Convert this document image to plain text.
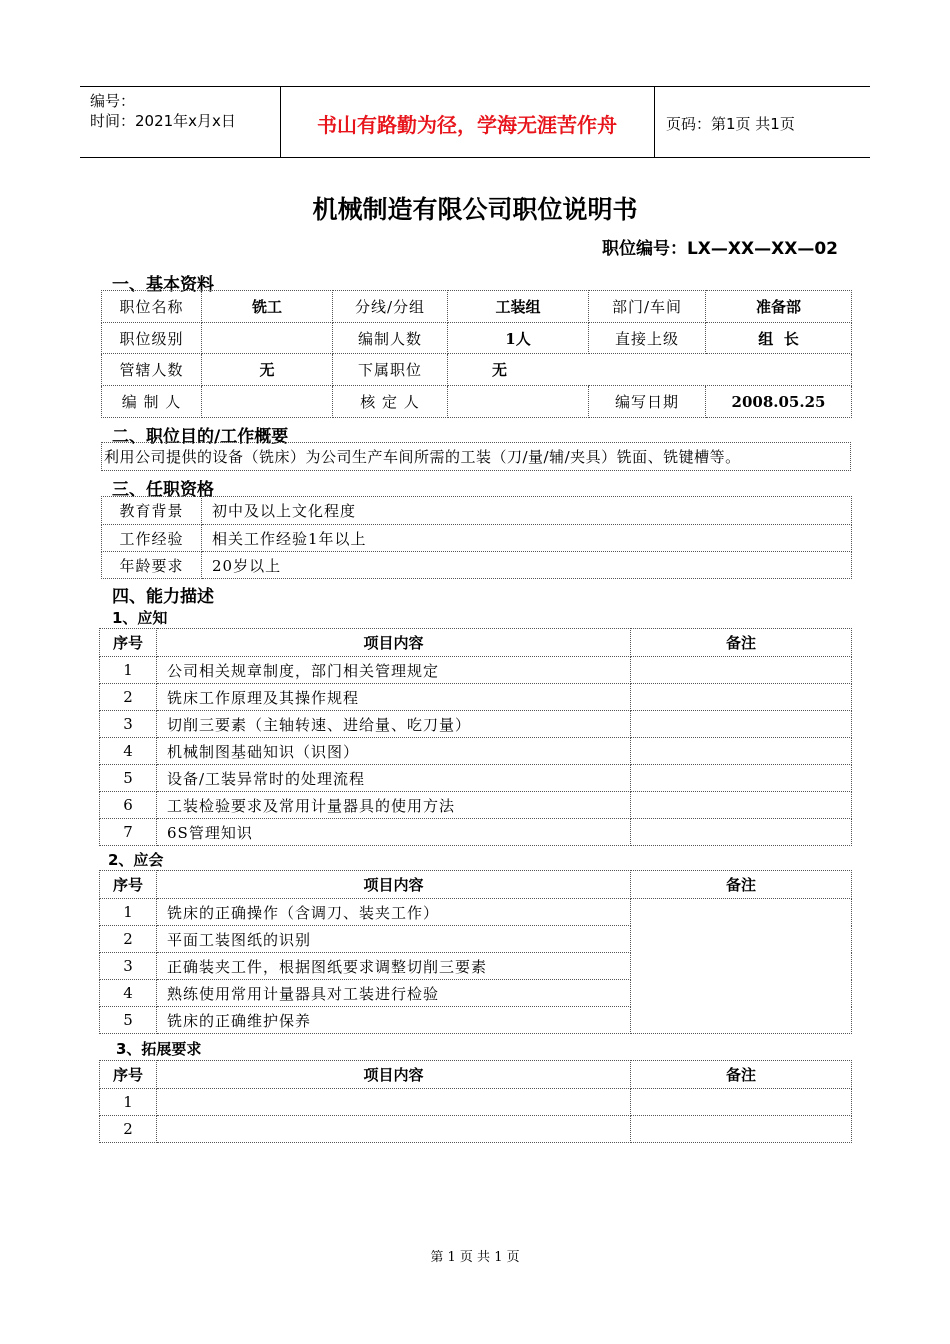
编号：
时间：2021年x月x日	书山有路勤为径，学海无涯苦作舟	页码：第1页 共1页
机械制造有限公司职位说明书
职位编号：LX—XX—XX—02
一、基本资料
职位名称	铣工	分线/分组	工装组	部门/车间	准备部
职位级别		编制人数	1人	直接上级	组  长
管辖人数	无	下属职位	无		
编 制 人		核 定 人		编写日期	2008.05.25
二、职位目的/工作概要
利用公司提供的设备（铣床）为公司生产车间所需的工装（刀/量/辅/夹具）铣面、铣键槽等。
三、任职资格
教育背景	初中及以上文化程度
工作经验	相关工作经验1年以上
年龄要求	20岁以上
四、能力描述
1、应知
序号	项目内容	备注
1	公司相关规章制度，部门相关管理规定	
2	铣床工作原理及其操作规程	
3	切削三要素（主轴转速、进给量、吃刀量）	
4	机械制图基础知识（识图）	
5	设备/工装异常时的处理流程	
6	工装检验要求及常用计量器具的使用方法	
7	6S管理知识	
2、应会
序号	项目内容	备注
1	铣床的正确操作（含调刀、装夹工作）	
2	平面工装图纸的识别	
3	正确装夹工件，根据图纸要求调整切削三要素	
4	熟练使用常用计量器具对工装进行检验	
5	铣床的正确维护保养	
3、拓展要求
序号	项目内容	备注
1		
2		
第 1 页 共 1 页
